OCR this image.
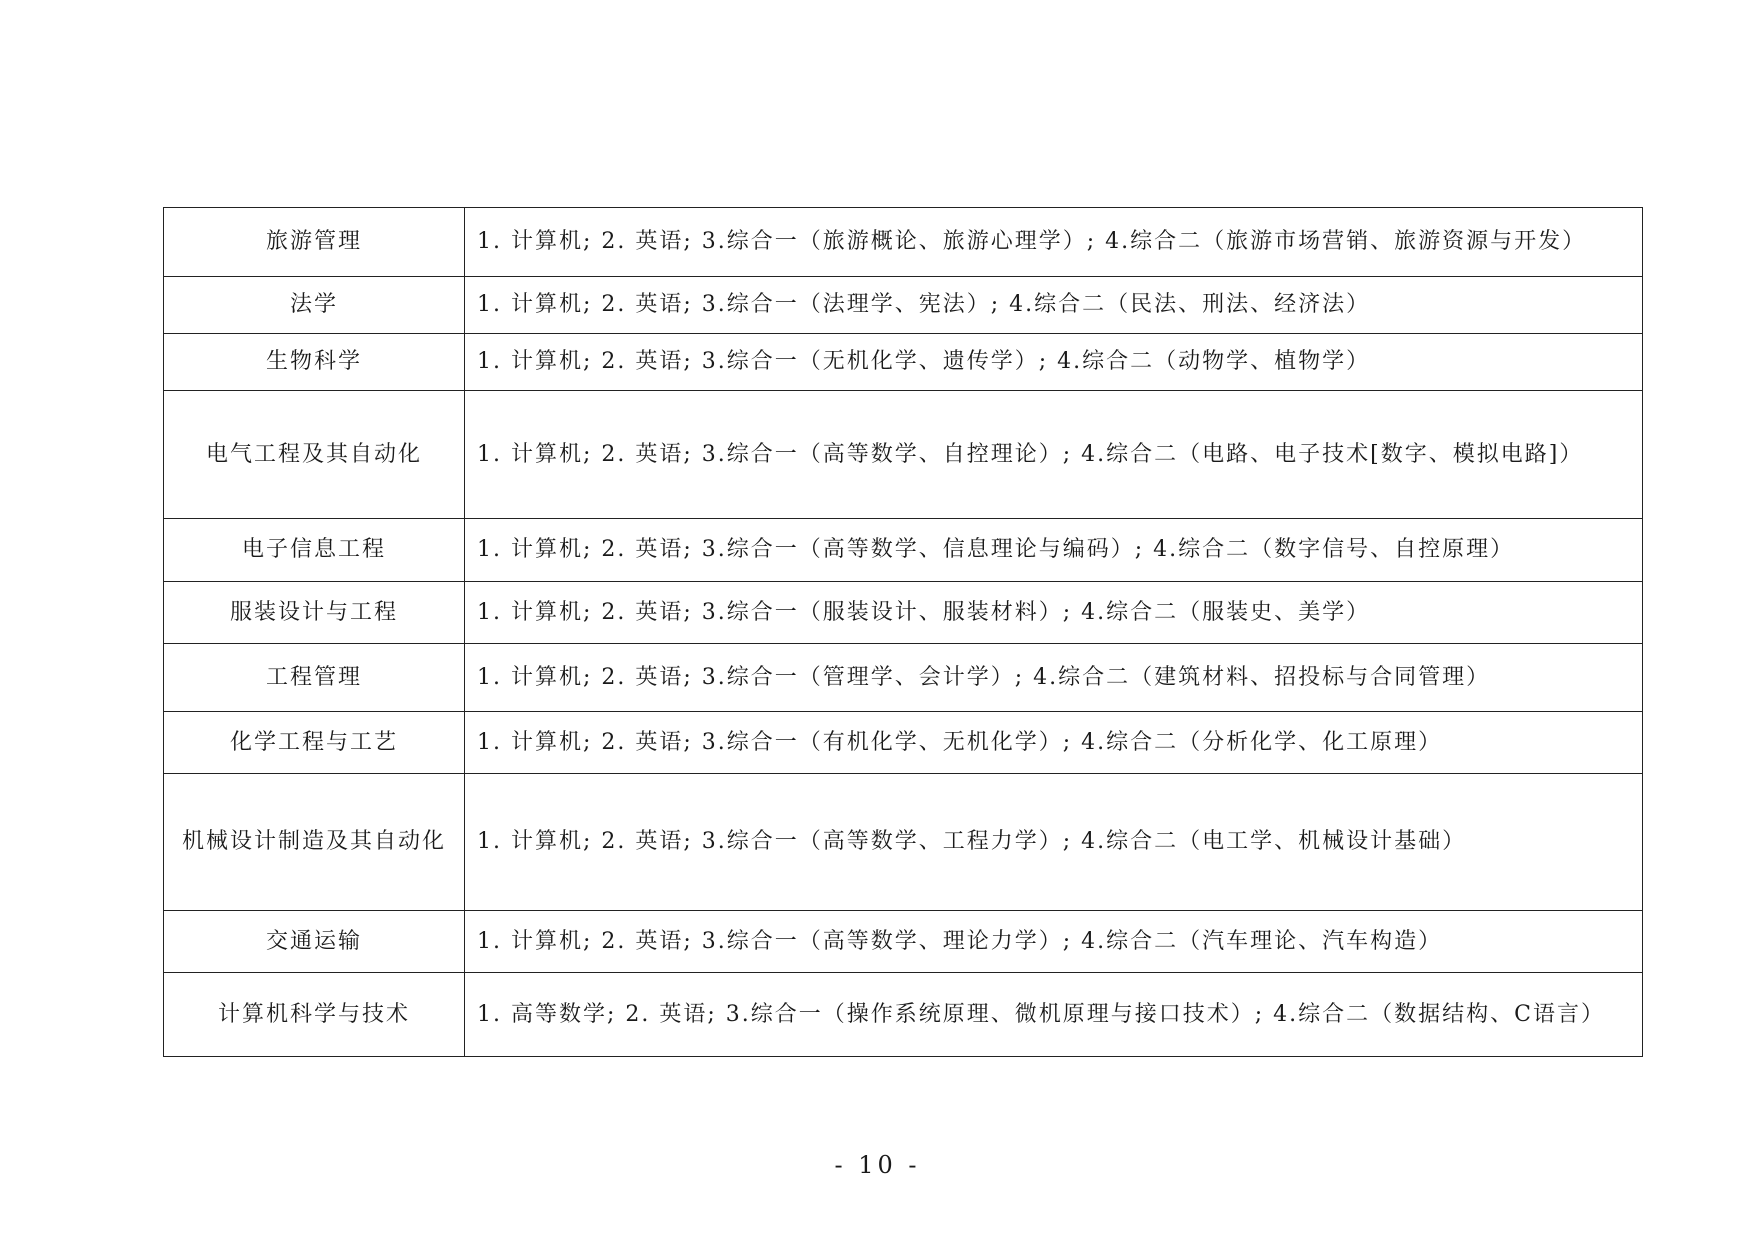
旅游管理	1. 计算机; 2. 英语; 3.综合一（旅游概论、旅游心理学）; 4.综合二（旅游市场营销、旅游资源与开发）
法学	1. 计算机; 2. 英语; 3.综合一（法理学、宪法）; 4.综合二（民法、刑法、经济法）
生物科学	1. 计算机; 2. 英语; 3.综合一（无机化学、遗传学）; 4.综合二（动物学、植物学）
电气工程及其自动化	1. 计算机; 2. 英语; 3.综合一（高等数学、自控理论）; 4.综合二（电路、电子技术[数字、模拟电路]）
电子信息工程	1. 计算机; 2. 英语; 3.综合一（高等数学、信息理论与编码）; 4.综合二（数字信号、自控原理）
服装设计与工程	1. 计算机; 2. 英语; 3.综合一（服装设计、服装材料）; 4.综合二（服装史、美学）
工程管理	1. 计算机; 2. 英语; 3.综合一（管理学、会计学）; 4.综合二（建筑材料、招投标与合同管理）
化学工程与工艺	1. 计算机; 2. 英语; 3.综合一（有机化学、无机化学）; 4.综合二（分析化学、化工原理）
机械设计制造及其自动化	1. 计算机; 2. 英语; 3.综合一（高等数学、工程力学）; 4.综合二（电工学、机械设计基础）
交通运输	1. 计算机; 2. 英语; 3.综合一（高等数学、理论力学）; 4.综合二（汽车理论、汽车构造）
计算机科学与技术	1. 高等数学; 2. 英语; 3.综合一（操作系统原理、微机原理与接口技术）; 4.综合二（数据结构、C语言）
- 10 -
